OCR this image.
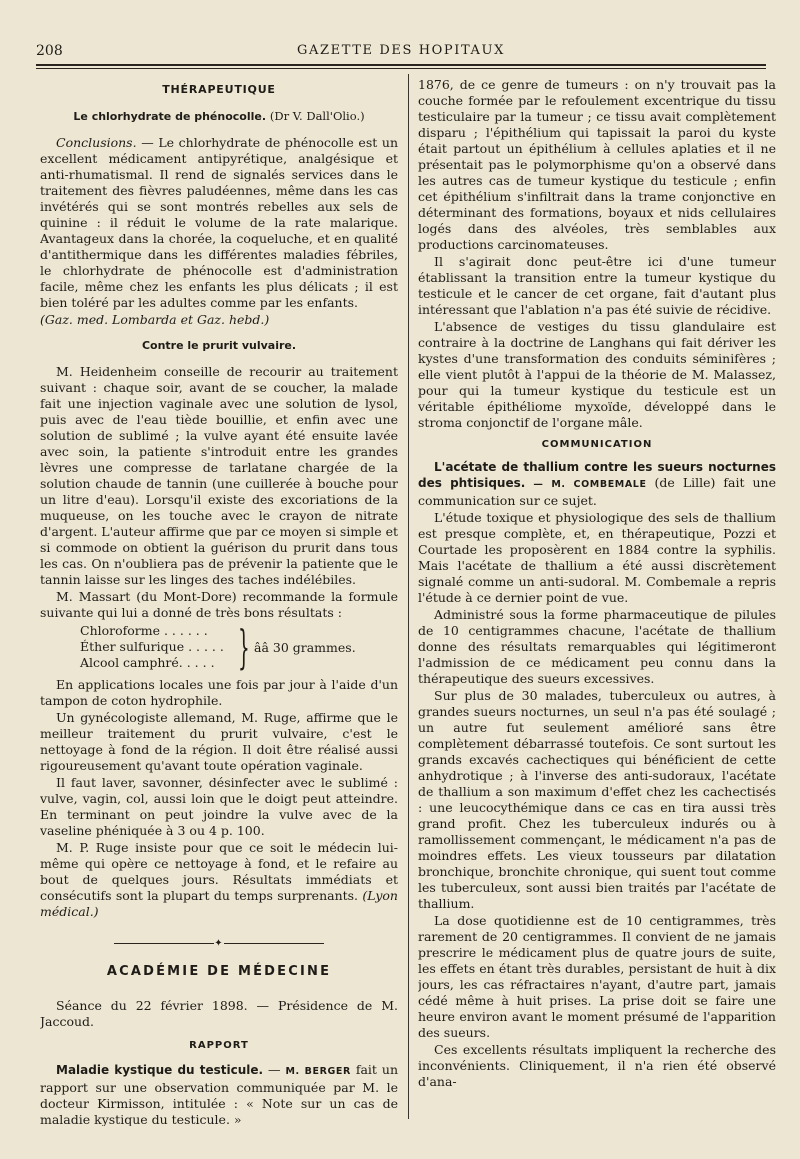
208	GAZETTE DES HOPITAUX
THÉRAPEUTIQUE
Le chlorhydrate de phénocolle. (Dr V. Dall'Olio.)

Conclusions. — Le chlorhydrate de phénocolle est un excellent médicament antipyrétique, analgésique et anti-rhumatismal. Il rend de signalés services dans le traitement des fièvres paludéennes, même dans les cas invétérés qui se sont montrés rebelles aux sels de quinine : il réduit le volume de la rate malarique. Avantageux dans la chorée, la coqueluche, et en qualité d'antithermique dans les différentes maladies fébriles, le chlorhydrate de phénocolle est d'administration facile, même chez les enfants les plus délicats ; il est bien toléré par les adultes comme par les enfants.

(Gaz. med. Lombarda et Gaz. hebd.)

Contre le prurit vulvaire.

M. Heidenheim conseille de recourir au traitement suivant : chaque soir, avant de se coucher, la malade fait une injection vaginale avec une solution de lysol, puis avec de l'eau tiède bouillie, et enfin avec une solution de sublimé ; la vulve ayant été ensuite lavée avec soin, la patiente s'introduit entre les grandes lèvres une compresse de tarlatane chargée de la solution chaude de tannin (une cuillerée à bouche pour un litre d'eau). Lorsqu'il existe des excoriations de la muqueuse, on les touche avec le crayon de nitrate d'argent. L'auteur affirme que par ce moyen si simple et si commode on obtient la guérison du prurit dans tous les cas. On n'oubliera pas de prévenir la patiente que le tannin laisse sur les linges des taches indélébiles.

M. Massart (du Mont-Dore) recommande la formule suivante qui lui a donné de très bons résultats :

Chloroforme . . . . . .
Éther sulfurique . . . . .
Alcool camphré. . . . . } ââ 30 grammes.

En applications locales une fois par jour à l'aide d'un tampon de coton hydrophile.

Un gynécologiste allemand, M. Ruge, affirme que le meilleur traitement du prurit vulvaire, c'est le nettoyage à fond de la région. Il doit être réalisé aussi rigoureusement qu'avant toute opération vaginale.

Il faut laver, savonner, désinfecter avec le sublimé : vulve, vagin, col, aussi loin que le doigt peut atteindre. En terminant on peut joindre la vulve avec de la vaseline phéniquée à 3 ou 4 p. 100.

M. P. Ruge insiste pour que ce soit le médecin lui-même qui opère ce nettoyage à fond, et le refaire au bout de quelques jours. Résultats immédiats et consécutifs sont la plupart du temps surprenants. (Lyon médical.)

✦
ACADÉMIE DE MÉDECINE

Séance du 22 février 1898. — Présidence de M. Jaccoud.

RAPPORT

Maladie kystique du testicule. — M. BERGER fait un rapport sur une observation communiquée par M. le docteur Kirmisson, intitulée : « Note sur un cas de maladie kystique du testicule. »

1876, de ce genre de tumeurs : on n'y trouvait pas la couche formée par le refoulement excentrique du tissu testiculaire par la tumeur ; ce tissu avait complètement disparu ; l'épithélium qui tapissait la paroi du kyste était partout un épithélium à cellules aplaties et il ne présentait pas le polymorphisme qu'on a observé dans les autres cas de tumeur kystique du testicule ; enfin cet épithélium s'infiltrait dans la trame conjonctive en déterminant des formations, boyaux et nids cellulaires logés dans des alvéoles, très semblables aux productions carcinomateuses.

Il s'agirait donc peut-être ici d'une tumeur établissant la transition entre la tumeur kystique du testicule et le cancer de cet organe, fait d'autant plus intéressant que l'ablation n'a pas été suivie de récidive.

L'absence de vestiges du tissu glandulaire est contraire à la doctrine de Langhans qui fait dériver les kystes d'une transformation des conduits séminifères ; elle vient plutôt à l'appui de la théorie de M. Malassez, pour qui la tumeur kystique du testicule est un véritable épithéliome myxoïde, développé dans le stroma conjonctif de l'organe mâle.

COMMUNICATION

L'acétate de thallium contre les sueurs nocturnes des phtisiques. — M. COMBEMALE (de Lille) fait une communication sur ce sujet.

L'étude toxique et physiologique des sels de thallium est presque complète, et, en thérapeutique, Pozzi et Courtade les proposèrent en 1884 contre la syphilis. Mais l'acétate de thallium a été aussi discrètement signalé comme un anti-sudoral. M. Combemale a repris l'étude à ce dernier point de vue.

Administré sous la forme pharmaceutique de pilules de 10 centigrammes chacune, l'acétate de thallium donne des résultats remarquables qui légitimeront l'admission de ce médicament peu connu dans la thérapeutique des sueurs excessives.

Sur plus de 30 malades, tuberculeux ou autres, à grandes sueurs nocturnes, un seul n'a pas été soulagé ; un autre fut seulement amélioré sans être complètement débarrassé toutefois. Ce sont surtout les grands excavés cachectiques qui bénéficient de cette anhydrotique ; à l'inverse des anti-sudoraux, l'acétate de thallium a son maximum d'effet chez les cachectisés : une leucocythémique dans ce cas en tira aussi très grand profit. Chez les tuberculeux indurés ou à ramollissement commençant, le médicament n'a pas de moindres effets. Les vieux tousseurs par dilatation bronchique, bronchite chronique, qui suent tout comme les tuberculeux, sont aussi bien traités par l'acétate de thallium.

La dose quotidienne est de 10 centigrammes, très rarement de 20 centigrammes. Il convient de ne jamais prescrire le médicament plus de quatre jours de suite, les effets en étant très durables, persistant de huit à dix jours, les cas réfractaires n'ayant, d'autre part, jamais cédé même à huit prises. La prise doit se faire une heure environ avant le moment présumé de l'apparition des sueurs.

Ces excellents résultats impliquent la recherche des inconvénients. Cliniquement, il n'a rien été observé d'ana-
